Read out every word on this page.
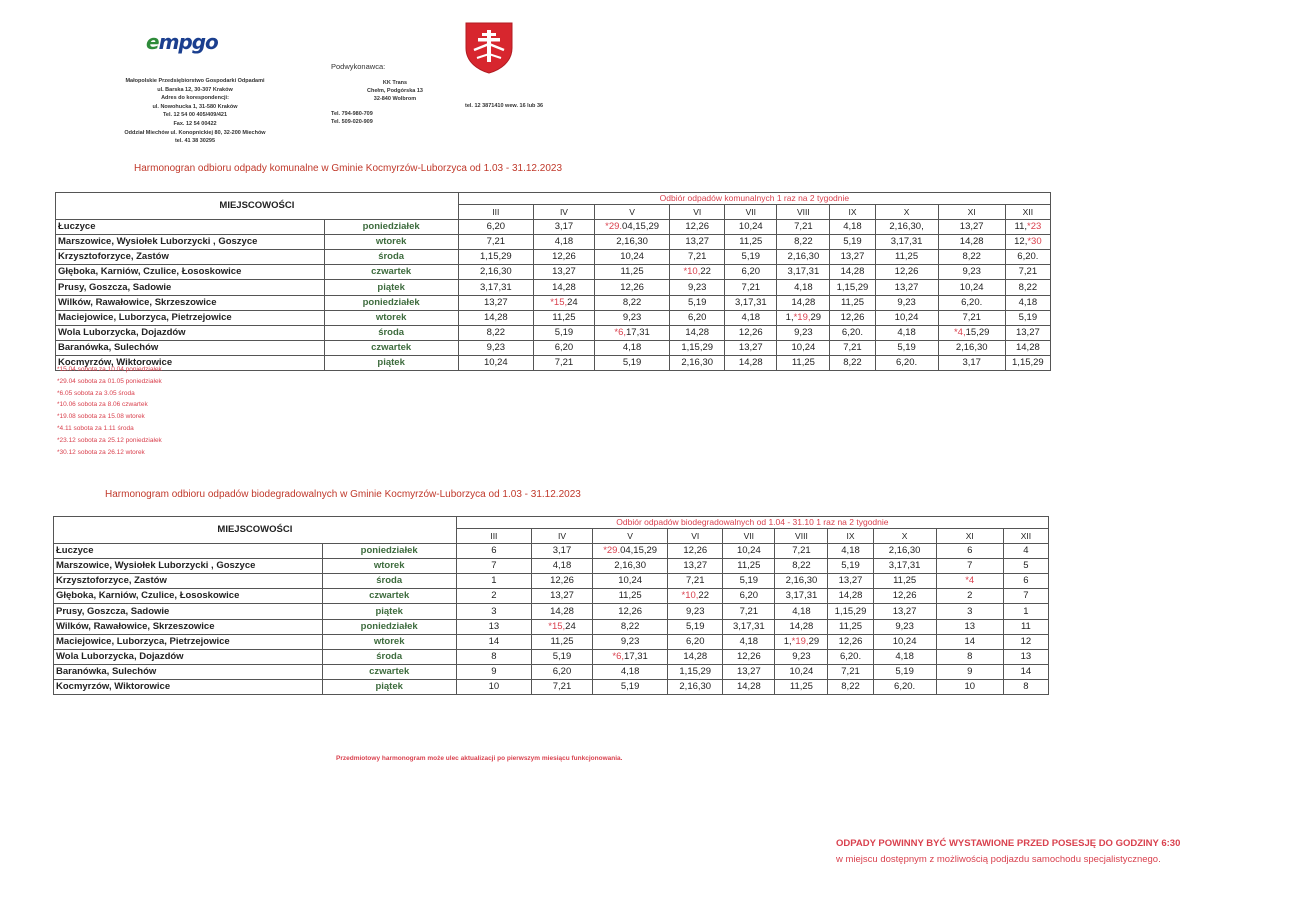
empgo
Małopolskie Przedsiębiorstwo Gospodarki Odpadami
ul. Barska 12, 30-307 Kraków
Adres do korespondencji:
ul. Nowohucka 1, 31-580 Kraków
Tel. 12 54 00 405/409/421
Fax. 12 54 00422
Oddział Miechów ul. Konopnickiej 80, 32-200 Miechów
tel. 41 38 30295
Podwykonawca:
KK Trans
Chełm, Podgórska 13
32-840 Wolbrom
Tel. 794-980-709
Tel. 509-020-909
tel. 12 3871410 wew. 16 lub 36
Harmonogran odbioru odpady komunalne w Gminie Kocmyrzów-Luborzyca od 1.03 - 31.12.2023
MIEJSCOWOŚCI		Odbiór odpadów komunalnych 1 raz na 2 tygodnie									
		III	IV	V	VI	VII	VIII	IX	X	XI	XII
Łuczyce	poniedziałek	6,20	3,17	*29.04,15,29	12,26	10,24	7,21	4,18	2,16,30,	13,27	11,*23
Marszowice, Wysiołek Luborzycki , Goszyce	wtorek	7,21	4,18	2,16,30	13,27	11,25	8,22	5,19	3,17,31	14,28	12,*30
Krzysztoforzyce, Zastów	środa	1,15,29	12,26	10,24	7,21	5,19	2,16,30	13,27	11,25	8,22	6,20.
Głęboka, Karniów, Czulice, Łososkowice	czwartek	2,16,30	13,27	11,25	*10,22	6,20	3,17,31	14,28	12,26	9,23	7,21
Prusy, Goszcza, Sadowie	piątek	3,17,31	14,28	12,26	9,23	7,21	4,18	1,15,29	13,27	10,24	8,22
Wilków, Rawałowice, Skrzeszowice	poniedziałek	13,27	*15,24	8,22	5,19	3,17,31	14,28	11,25	9,23	6,20.	4,18
Maciejowice, Luborzyca, Pietrzejowice	wtorek	14,28	11,25	9,23	6,20	4,18	1,*19,29	12,26	10,24	7,21	5,19
Wola Luborzycka, Dojazdów	środa	8,22	5,19	*6,17,31	14,28	12,26	9,23	6,20.	4,18	*4,15,29	13,27
Baranówka, Sulechów	czwartek	9,23	6,20	4,18	1,15,29	13,27	10,24	7,21	5,19	2,16,30	14,28
Kocmyrzów, Wiktorowice	piątek	10,24	7,21	5,19	2,16,30	14,28	11,25	8,22	6,20.	3,17	1,15,29
*15.04 sobota za 10.04 poniedziałek
*29.04 sobota za 01.05 poniedziałek
*6.05 sobota za 3.05 środa
*10.06 sobota za 8.06 czwartek
*19.08 sobota za 15.08 wtorek
*4.11 sobota za 1.11 środa
*23.12 sobota za 25.12 poniedziałek
*30.12 sobota za 26.12 wtorek
Harmonogram odbioru odpadów biodegradowalnych w Gminie Kocmyrzów-Luborzyca od 1.03 - 31.12.2023
MIEJSCOWOŚCI		Odbiór odpadów biodegradowalnych od 1.04 - 31.10 1 raz na 2 tygodnie									
		III	IV	V	VI	VII	VIII	IX	X	XI	XII
Łuczyce	poniedziałek	6	3,17	*29.04,15,29	12,26	10,24	7,21	4,18	2,16,30	6	4
Marszowice, Wysiołek Luborzycki , Goszyce	wtorek	7	4,18	2,16,30	13,27	11,25	8,22	5,19	3,17,31	7	5
Krzysztoforzyce, Zastów	środa	1	12,26	10,24	7,21	5,19	2,16,30	13,27	11,25	*4	6
Głęboka, Karniów, Czulice, Łososkowice	czwartek	2	13,27	11,25	*10,22	6,20	3,17,31	14,28	12,26	2	7
Prusy, Goszcza, Sadowie	piątek	3	14,28	12,26	9,23	7,21	4,18	1,15,29	13,27	3	1
Wilków, Rawałowice, Skrzeszowice	poniedziałek	13	*15,24	8,22	5,19	3,17,31	14,28	11,25	9,23	13	11
Maciejowice, Luborzyca, Pietrzejowice	wtorek	14	11,25	9,23	6,20	4,18	1,*19,29	12,26	10,24	14	12
Wola Luborzycka, Dojazdów	środa	8	5,19	*6,17,31	14,28	12,26	9,23	6,20.	4,18	8	13
Baranówka, Sulechów	czwartek	9	6,20	4,18	1,15,29	13,27	10,24	7,21	5,19	9	14
Kocmyrzów, Wiktorowice	piątek	10	7,21	5,19	2,16,30	14,28	11,25	8,22	6,20.	10	8
Przedmiotowy harmonogram może ulec aktualizacji po pierwszym miesiącu funkcjonowania.
ODPADY POWINNY BYĆ WYSTAWIONE PRZED POSESJĘ DO GODZINY 6:30
w miejscu dostępnym z możliwością podjazdu samochodu specjalistycznego.
